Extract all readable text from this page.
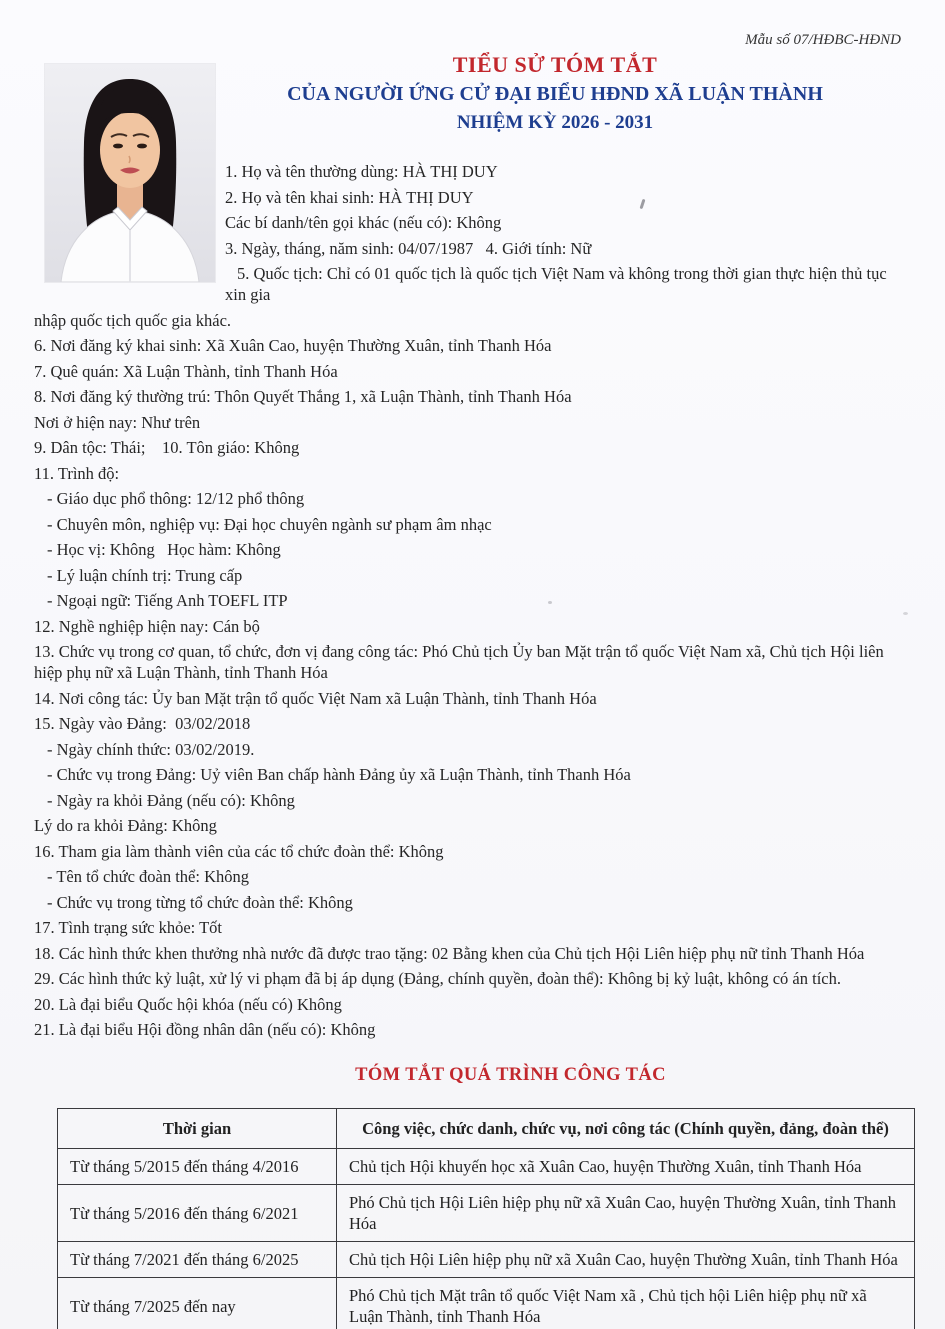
Mẫu số 07/HĐBC-HĐND
TIỂU SỬ TÓM TẮT
CỦA NGƯỜI ỨNG CỬ ĐẠI BIỂU HĐND XÃ LUẬN THÀNH
NHIỆM KỲ 2026 - 2031

1. Họ và tên thường dùng: HÀ THỊ DUY

2. Họ và tên khai sinh: HÀ THỊ DUY

Các bí danh/tên gọi khác (nếu có): Không

3. Ngày, tháng, năm sinh: 04/07/1987   4. Giới tính: Nữ

5. Quốc tịch: Chỉ có 01 quốc tịch là quốc tịch Việt Nam và không trong thời gian thực hiện thủ tục xin gia

nhập quốc tịch quốc gia khác.

6. Nơi đăng ký khai sinh: Xã Xuân Cao, huyện Thường Xuân, tỉnh Thanh Hóa

7. Quê quán: Xã Luận Thành, tỉnh Thanh Hóa

8. Nơi đăng ký thường trú: Thôn Quyết Thắng 1, xã Luận Thành, tỉnh Thanh Hóa

Nơi ở hiện nay: Như trên

9. Dân tộc: Thái;    10. Tôn giáo: Không

11. Trình độ:

- Giáo dục phổ thông: 12/12 phổ thông

- Chuyên môn, nghiệp vụ: Đại học chuyên ngành sư phạm âm nhạc

- Học vị: Không   Học hàm: Không

- Lý luận chính trị: Trung cấp

- Ngoại ngữ: Tiếng Anh TOEFL ITP

12. Nghề nghiệp hiện nay: Cán bộ

13. Chức vụ trong cơ quan, tổ chức, đơn vị đang công tác: Phó Chủ tịch Ủy ban Mặt trận tổ quốc Việt Nam xã, Chủ tịch Hội liên hiệp phụ nữ xã Luận Thành, tỉnh Thanh Hóa

14. Nơi công tác: Ủy ban Mặt trận tổ quốc Việt Nam xã Luận Thành, tỉnh Thanh Hóa

15. Ngày vào Đảng:  03/02/2018

- Ngày chính thức: 03/02/2019.

- Chức vụ trong Đảng: Uỷ viên Ban chấp hành Đảng ủy xã Luận Thành, tỉnh Thanh Hóa

- Ngày ra khỏi Đảng (nếu có): Không

Lý do ra khỏi Đảng: Không

16. Tham gia làm thành viên của các tổ chức đoàn thể: Không

- Tên tổ chức đoàn thể: Không

- Chức vụ trong từng tổ chức đoàn thể: Không

17. Tình trạng sức khỏe: Tốt

18. Các hình thức khen thưởng nhà nước đã được trao tặng: 02 Bằng khen của Chủ tịch Hội Liên hiệp phụ nữ tỉnh Thanh Hóa

29. Các hình thức kỷ luật, xử lý vi phạm đã bị áp dụng (Đảng, chính quyền, đoàn thể): Không bị kỷ luật, không có án tích.

20. Là đại biểu Quốc hội khóa (nếu có) Không

21. Là đại biểu Hội đồng nhân dân (nếu có): Không

TÓM TẮT QUÁ TRÌNH CÔNG TÁC
Thời gian	Công việc, chức danh, chức vụ, nơi công tác (Chính quyền, đảng, đoàn thể)
Từ tháng 5/2015 đến tháng 4/2016	Chủ tịch Hội khuyến học xã Xuân Cao, huyện Thường Xuân, tỉnh Thanh Hóa
Từ tháng 5/2016 đến tháng 6/2021	Phó Chủ tịch Hội Liên hiệp phụ nữ xã Xuân Cao, huyện Thường Xuân, tỉnh Thanh Hóa
Từ tháng 7/2021 đến tháng 6/2025	Chủ tịch Hội Liên hiệp phụ nữ xã Xuân Cao, huyện Thường Xuân, tỉnh Thanh Hóa
Từ tháng 7/2025 đến nay	Phó Chủ tịch Mặt trân tổ quốc Việt Nam xã , Chủ tịch hội Liên hiệp phụ nữ xã Luận Thành, tỉnh Thanh Hóa
